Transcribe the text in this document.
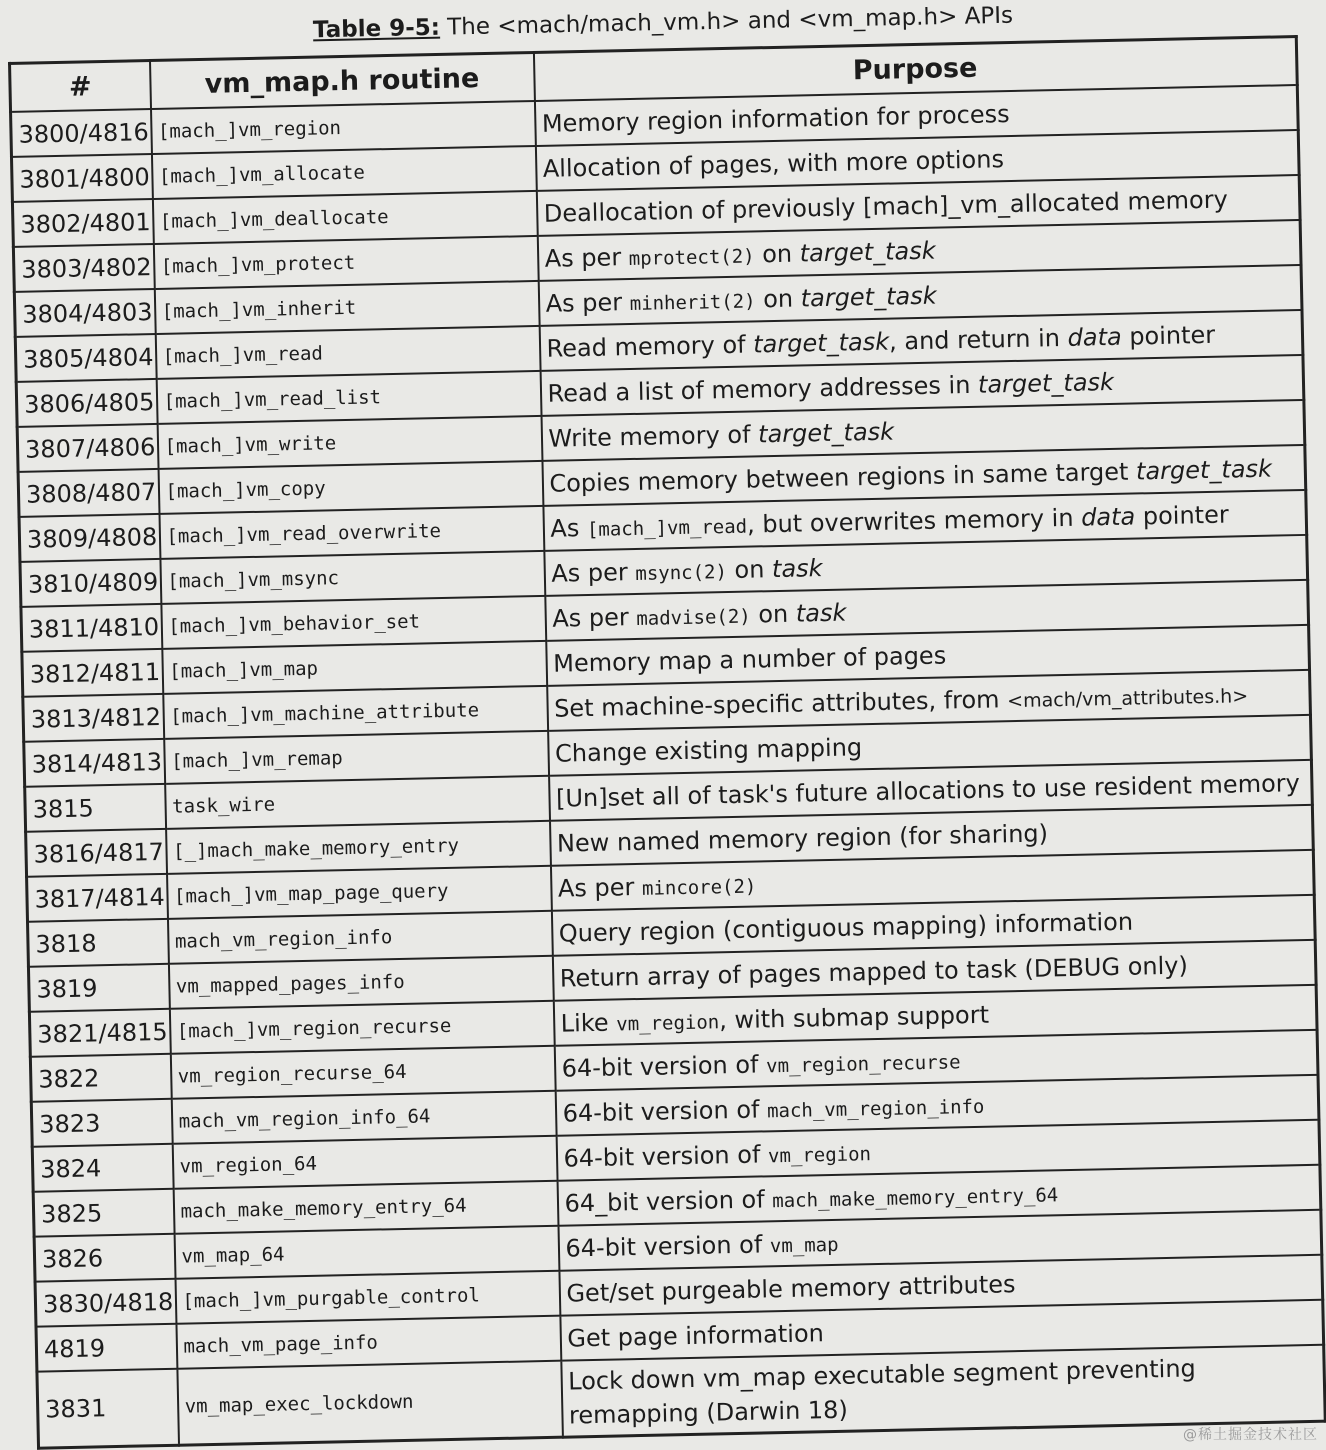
Table 9-5: The <mach/mach_vm.h> and <vm_map.h> APIs
#	vm_map.h routine	Purpose
3800/4816	[mach_]vm_region	Memory region information for process
3801/4800	[mach_]vm_allocate	Allocation of pages, with more options
3802/4801	[mach_]vm_deallocate	Deallocation of previously [mach]_vm_allocated memory
3803/4802	[mach_]vm_protect	As per mprotect(2) on target_task
3804/4803	[mach_]vm_inherit	As per minherit(2) on target_task
3805/4804	[mach_]vm_read	Read memory of target_task, and return in data pointer
3806/4805	[mach_]vm_read_list	Read a list of memory addresses in target_task
3807/4806	[mach_]vm_write	Write memory of target_task
3808/4807	[mach_]vm_copy	Copies memory between regions in same target target_task
3809/4808	[mach_]vm_read_overwrite	As [mach_]vm_read, but overwrites memory in data pointer
3810/4809	[mach_]vm_msync	As per msync(2) on task
3811/4810	[mach_]vm_behavior_set	As per madvise(2) on task
3812/4811	[mach_]vm_map	Memory map a number of pages
3813/4812	[mach_]vm_machine_attribute	Set machine-specific attributes, from <mach/vm_attributes.h>
3814/4813	[mach_]vm_remap	Change existing mapping
3815	task_wire	[Un]set all of task's future allocations to use resident memory
3816/4817	[_]mach_make_memory_entry	New named memory region (for sharing)
3817/4814	[mach_]vm_map_page_query	As per mincore(2)
3818	mach_vm_region_info	Query region (contiguous mapping) information
3819	vm_mapped_pages_info	Return array of pages mapped to task (DEBUG only)
3821/4815	[mach_]vm_region_recurse	Like vm_region, with submap support
3822	vm_region_recurse_64	64-bit version of vm_region_recurse
3823	mach_vm_region_info_64	64-bit version of mach_vm_region_info
3824	vm_region_64	64-bit version of vm_region
3825	mach_make_memory_entry_64	64_bit version of mach_make_memory_entry_64
3826	vm_map_64	64-bit version of vm_map
3830/4818	[mach_]vm_purgable_control	Get/set purgeable memory attributes
4819	mach_vm_page_info	Get page information
3831	vm_map_exec_lockdown	Lock down vm_map executable segment preventing remapping (Darwin 18)
@稀土掘金技术社区
